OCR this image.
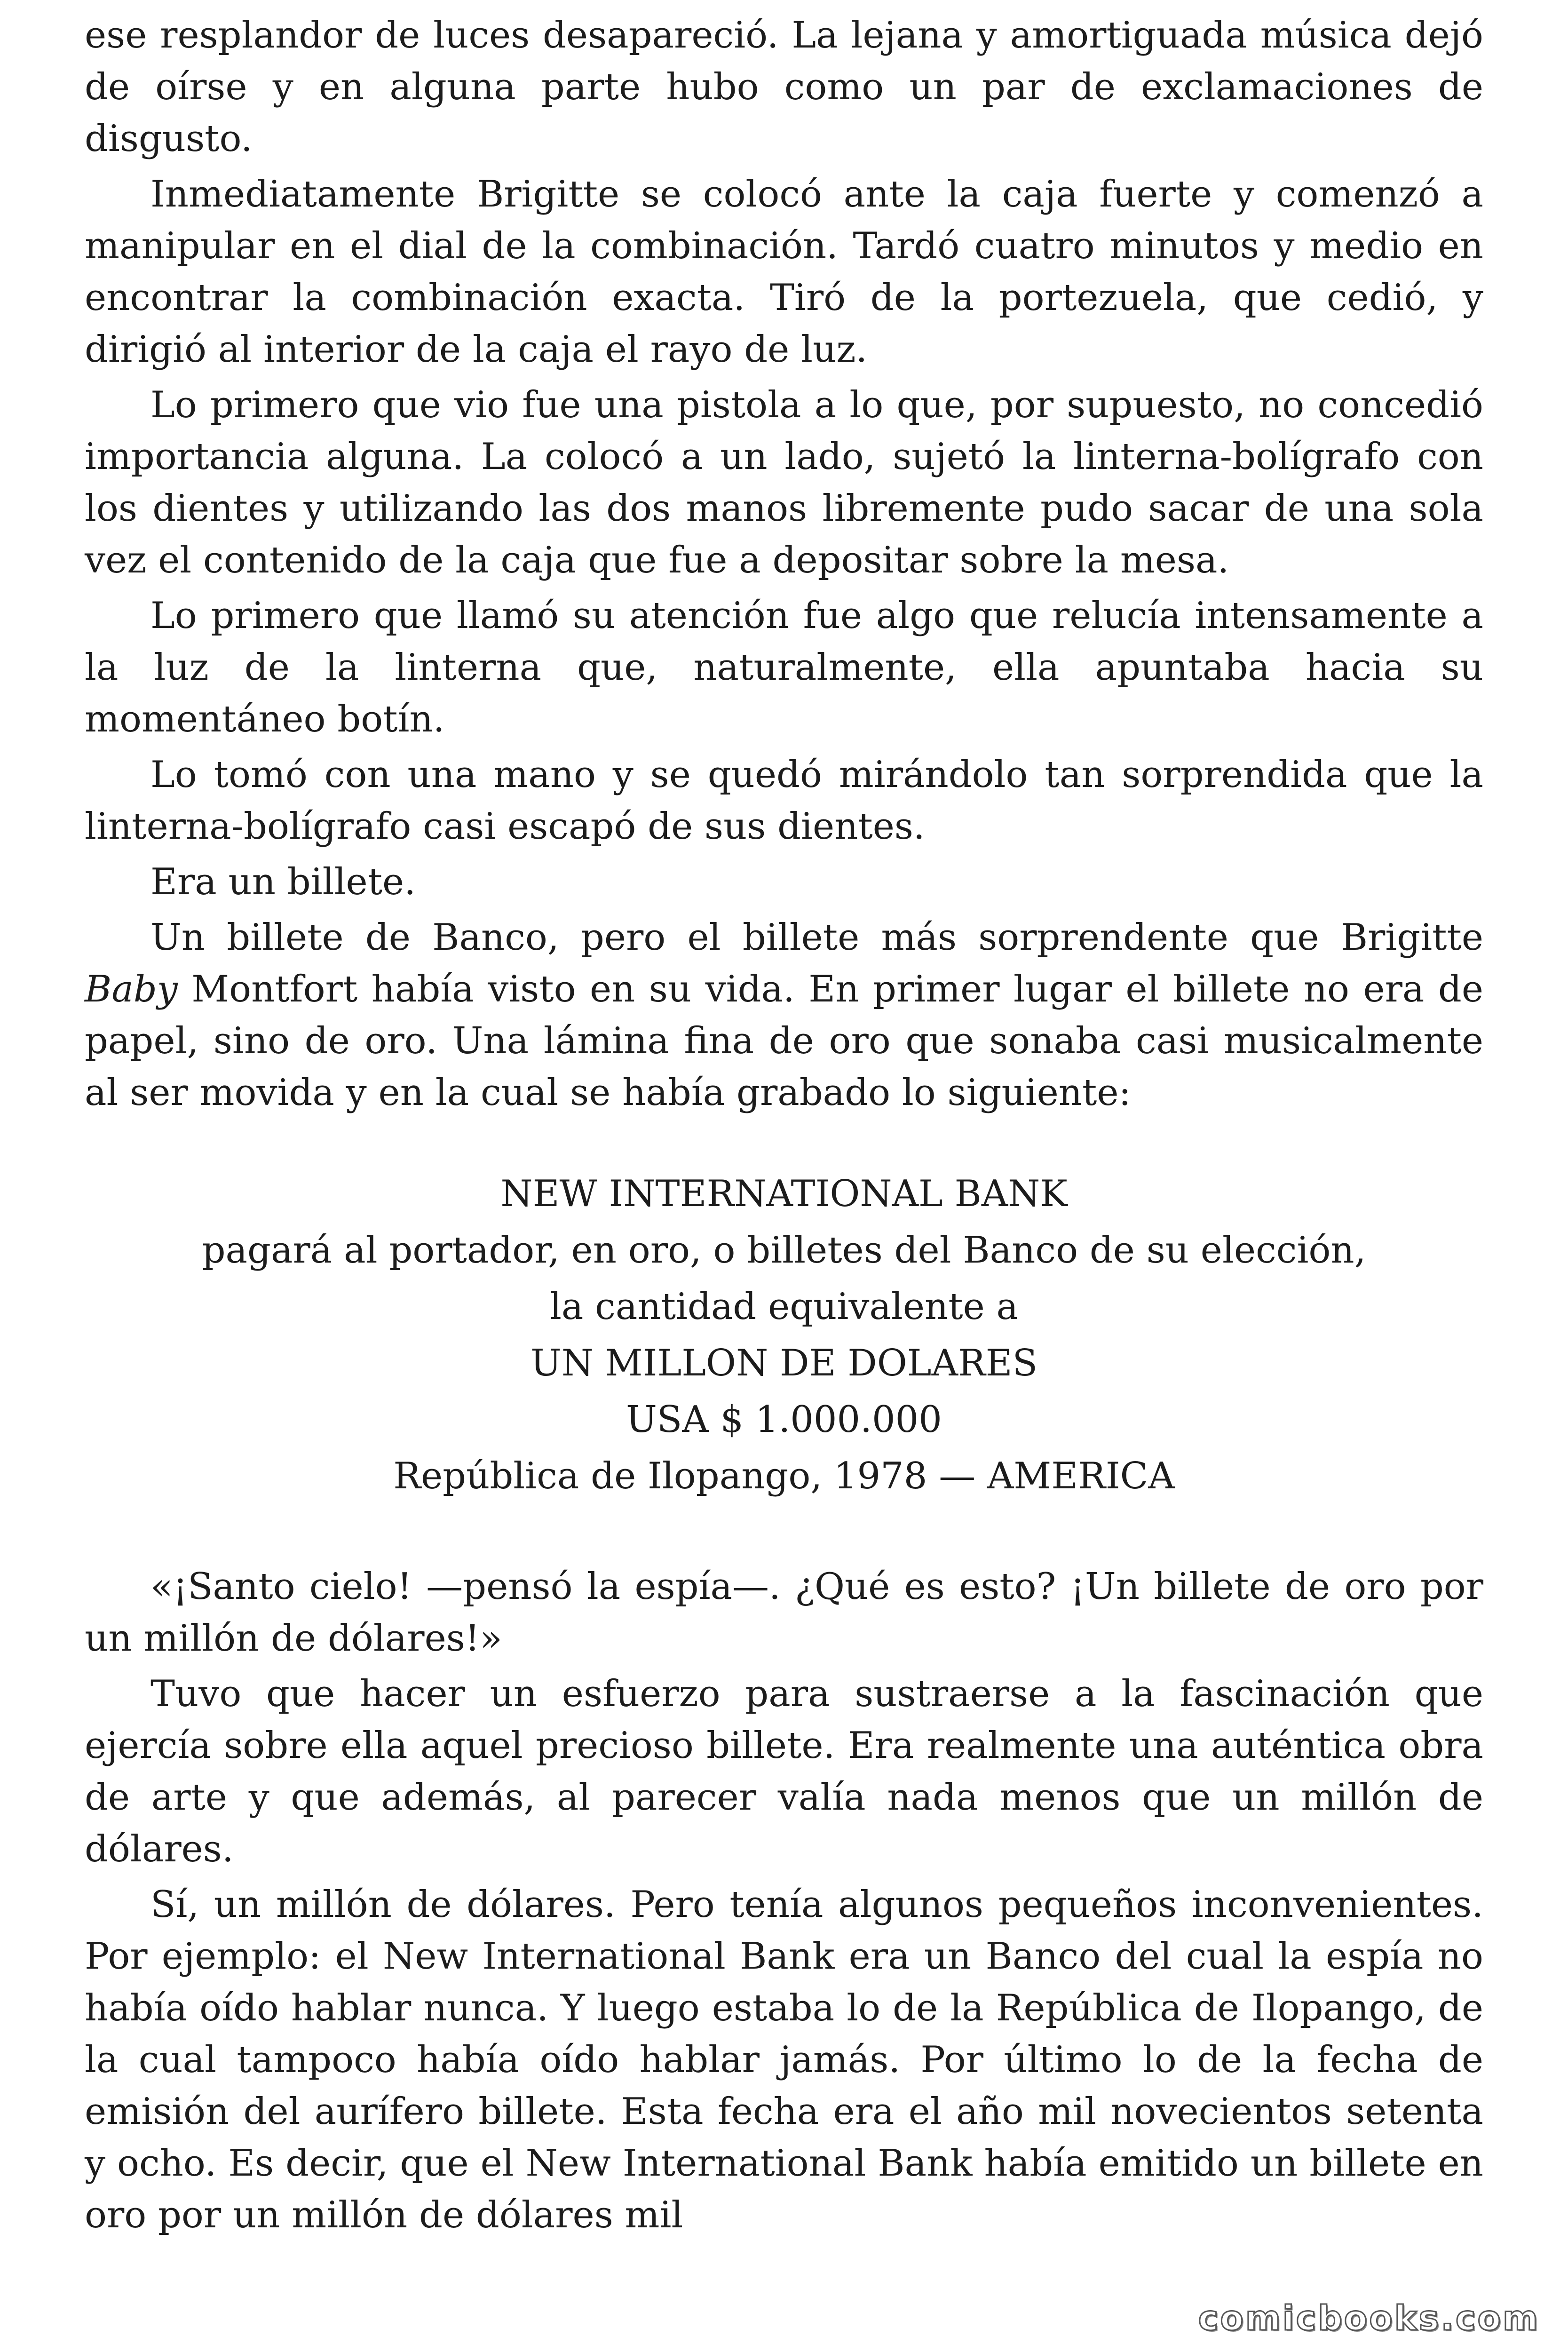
ese resplandor de luces desapareció. La lejana y amortiguada música dejó de oírse y en alguna parte hubo como un par de exclamaciones de disgusto.

Inmediatamente Brigitte se colocó ante la caja fuerte y comenzó a manipular en el dial de la combinación. Tardó cuatro minutos y medio en encontrar la combinación exacta. Tiró de la portezuela, que cedió, y dirigió al interior de la caja el rayo de luz.

Lo primero que vio fue una pistola a lo que, por supuesto, no concedió importancia alguna. La colocó a un lado, sujetó la linterna-bolígrafo con los dientes y utilizando las dos manos libremente pudo sacar de una sola vez el contenido de la caja que fue a depositar sobre la mesa.

Lo primero que llamó su atención fue algo que relucía intensamente a la luz de la linterna que, naturalmente, ella apuntaba hacia su momentáneo botín.

Lo tomó con una mano y se quedó mirándolo tan sorprendida que la linterna-bolígrafo casi escapó de sus dientes.

Era un billete.

Un billete de Banco, pero el billete más sorprendente que Brigitte Baby Montfort había visto en su vida. En primer lugar el billete no era de papel, sino de oro. Una lámina fina de oro que sonaba casi musicalmente al ser movida y en la cual se había grabado lo siguiente:

NEW INTERNATIONAL BANK
pagará al portador, en oro, o billetes del Banco de su elección,
la cantidad equivalente a
UN MILLON DE DOLARES
USA $ 1.000.000
República de Ilopango, 1978 — AMERICA

«¡Santo cielo! —pensó la espía—. ¿Qué es esto? ¡Un billete de oro por un millón de dólares!»

Tuvo que hacer un esfuerzo para sustraerse a la fascinación que ejercía sobre ella aquel precioso billete. Era realmente una auténtica obra de arte y que además, al parecer valía nada menos que un millón de dólares.

Sí, un millón de dólares. Pero tenía algunos pequeños inconvenientes. Por ejemplo: el New International Bank era un Banco del cual la espía no había oído hablar nunca. Y luego estaba lo de la República de Ilopango, de la cual tampoco había oído hablar jamás. Por último lo de la fecha de emisión del aurífero billete. Esta fecha era el año mil novecientos setenta y ocho. Es decir, que el New International Bank había emitido un billete en oro por un millón de dólares mil

comicbooks.com
